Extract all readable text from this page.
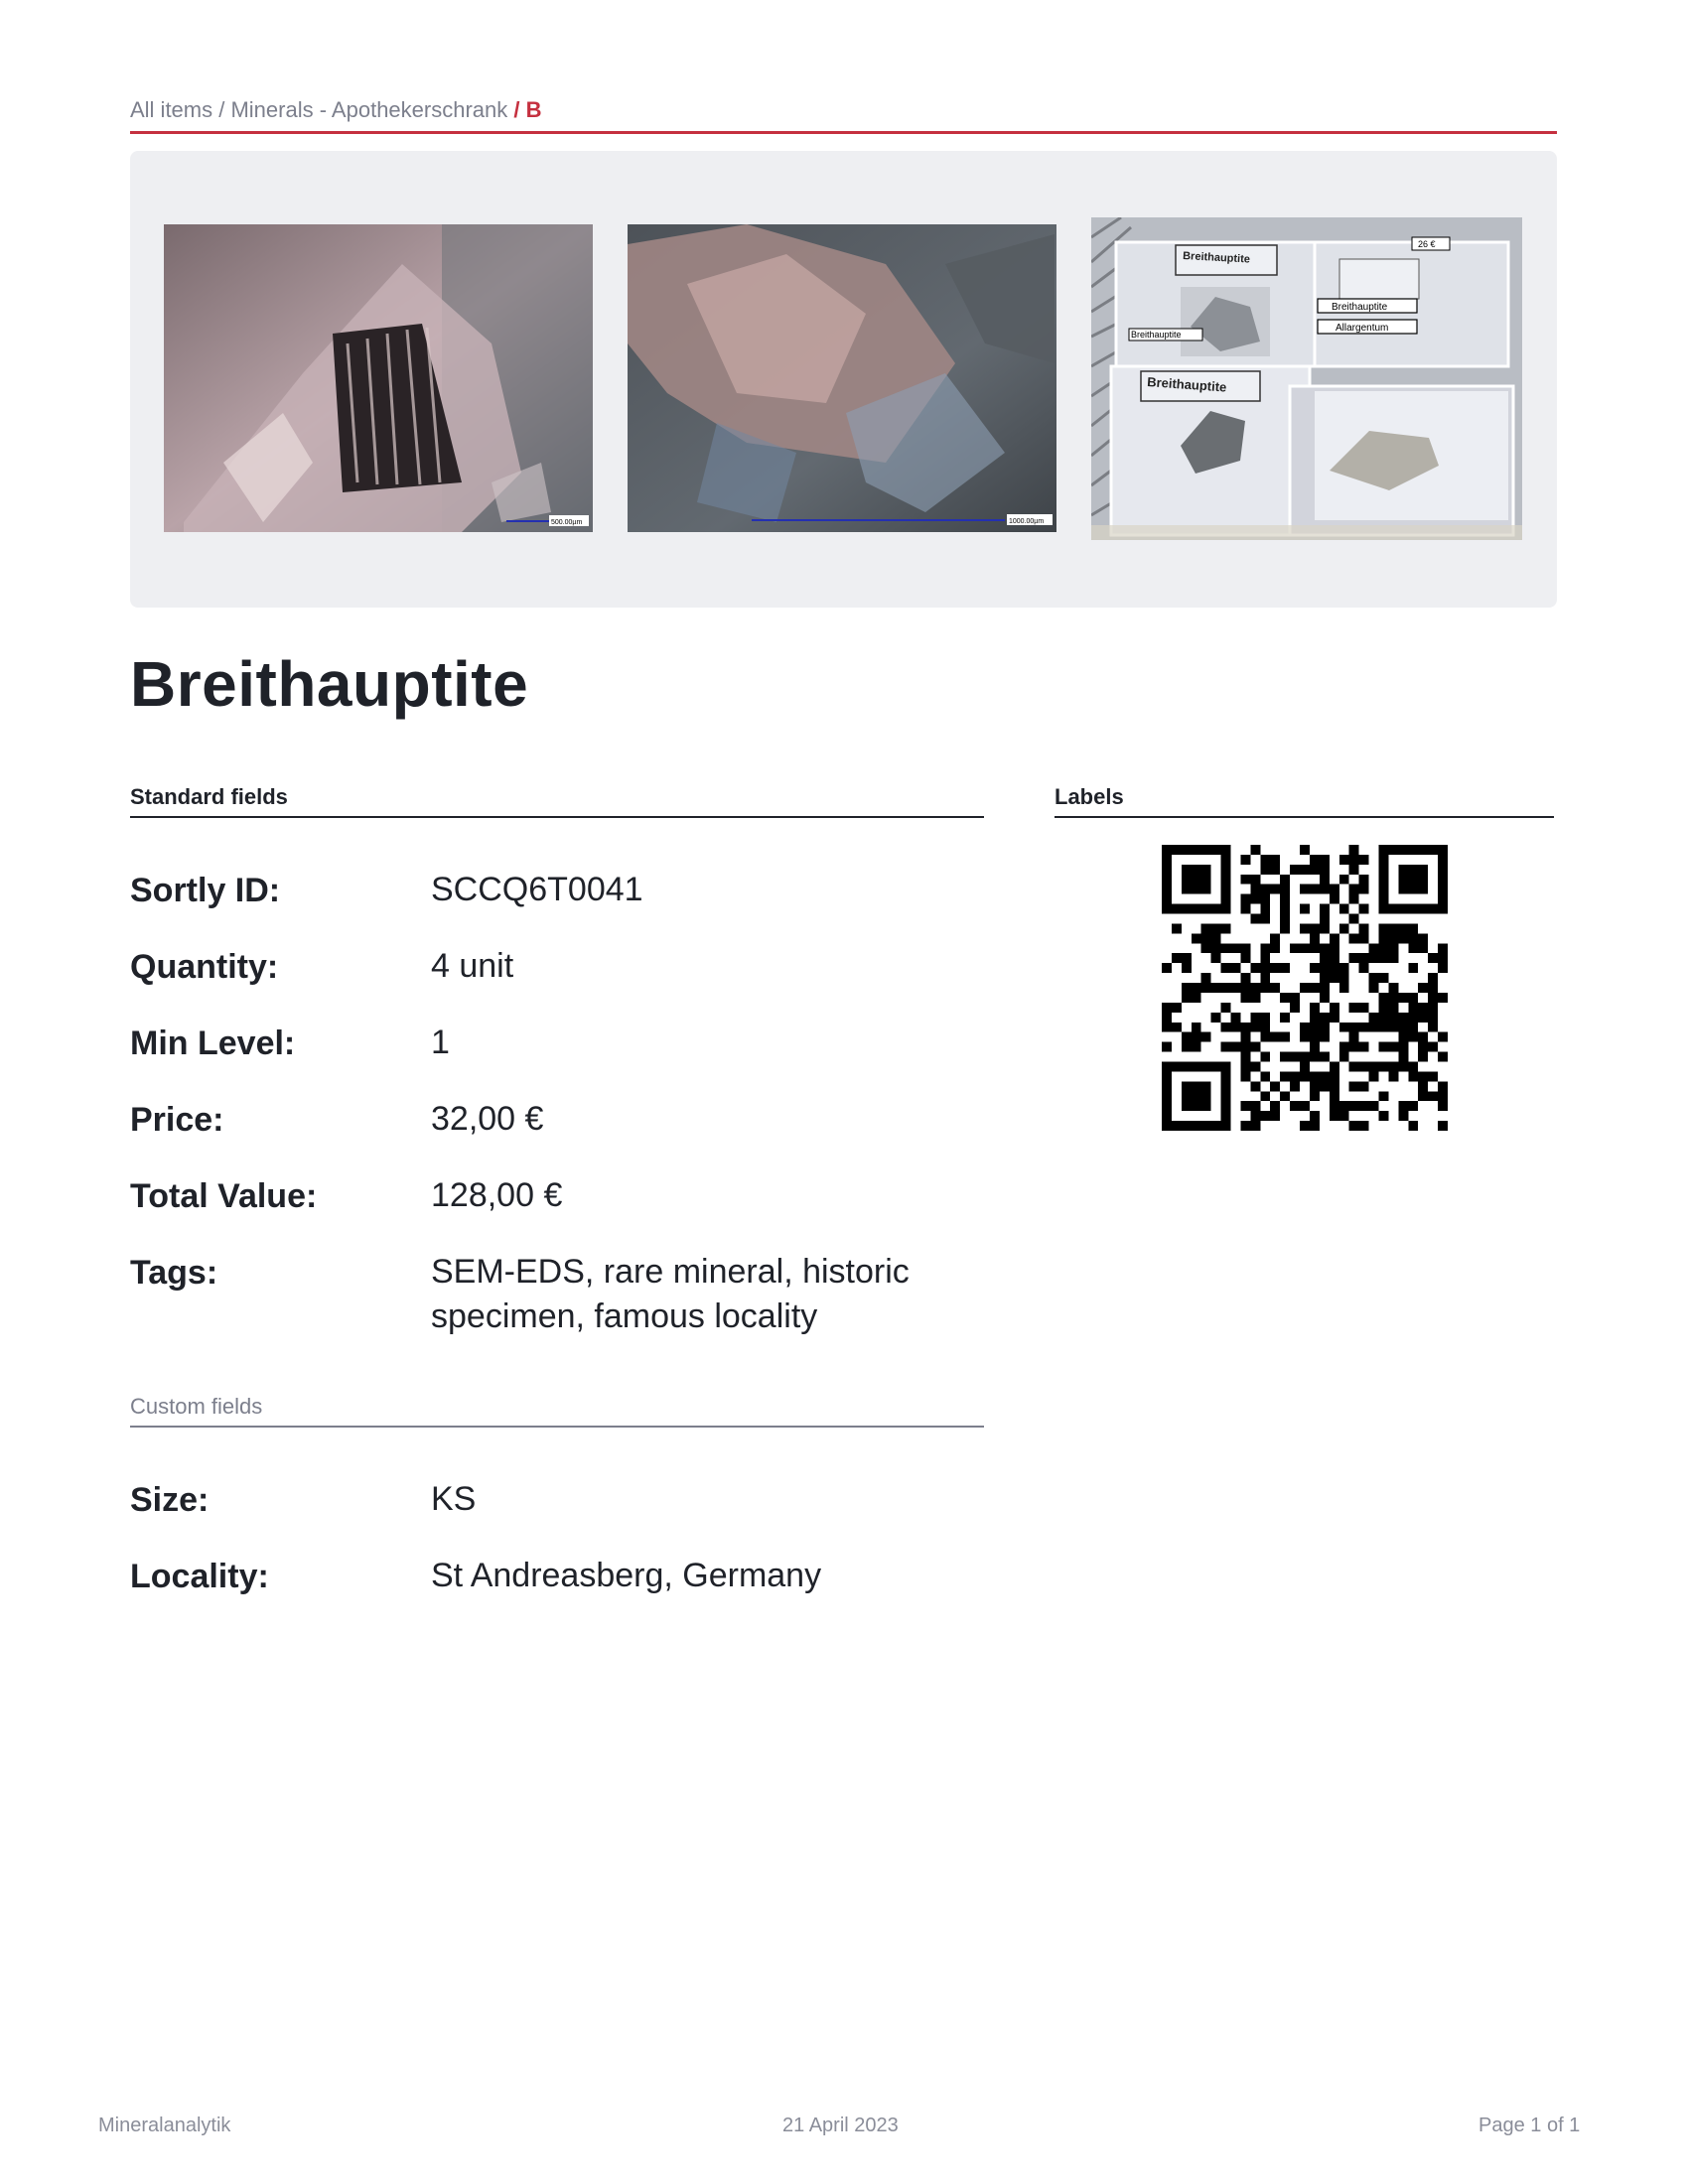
All items / Minerals - Apothekerschrank / B
500.00µm	1000.00µm
26 €
Breithauptite
Allargentum
Breithauptite
Breithauptite
Breithauptite
Breithauptite
Standard fields
Sortly ID:	SCCQ6T0041
Quantity:	4 unit
Min Level:	1
Price:	32,00 €
Total Value:	128,00 €
Tags:	SEM-EDS, rare mineral, historic specimen, famous locality
Custom fields
Size:	KS
Locality:	St Andreasberg, Germany
Labels
Mineralanalytik	21 April 2023	Page 1 of 1
